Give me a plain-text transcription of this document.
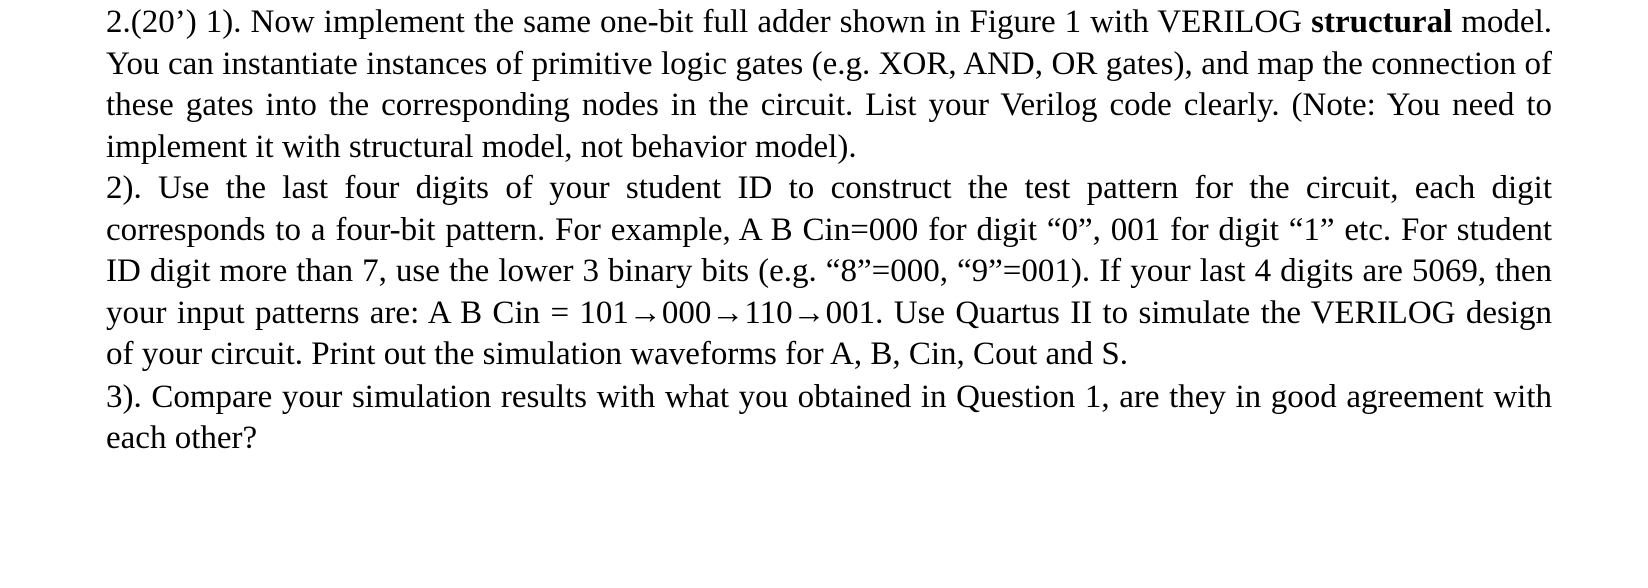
2.(20’) 1). Now implement the same one-bit full adder shown in Figure 1 with VERILOG structural model. You can instantiate instances of primitive logic gates (e.g. XOR, AND, OR gates), and map the connection of these gates into the corresponding nodes in the circuit. List your Verilog code clearly. (Note: You need to implement it with structural model, not behavior model).

2). Use the last four digits of your student ID to construct the test pattern for the circuit, each digit corresponds to a four-bit pattern. For example, A B Cin=000 for digit “0”, 001 for digit “1” etc. For student ID digit more than 7, use the lower 3 binary bits (e.g. “8”=000, “9”=001). If your last 4 digits are 5069, then your input patterns are: A B Cin = 101→000→110→001. Use Quartus II to simulate the VERILOG design of your circuit. Print out the simulation waveforms for A, B, Cin, Cout and S.

3). Compare your simulation results with what you obtained in Question 1, are they in good agreement with each other?
